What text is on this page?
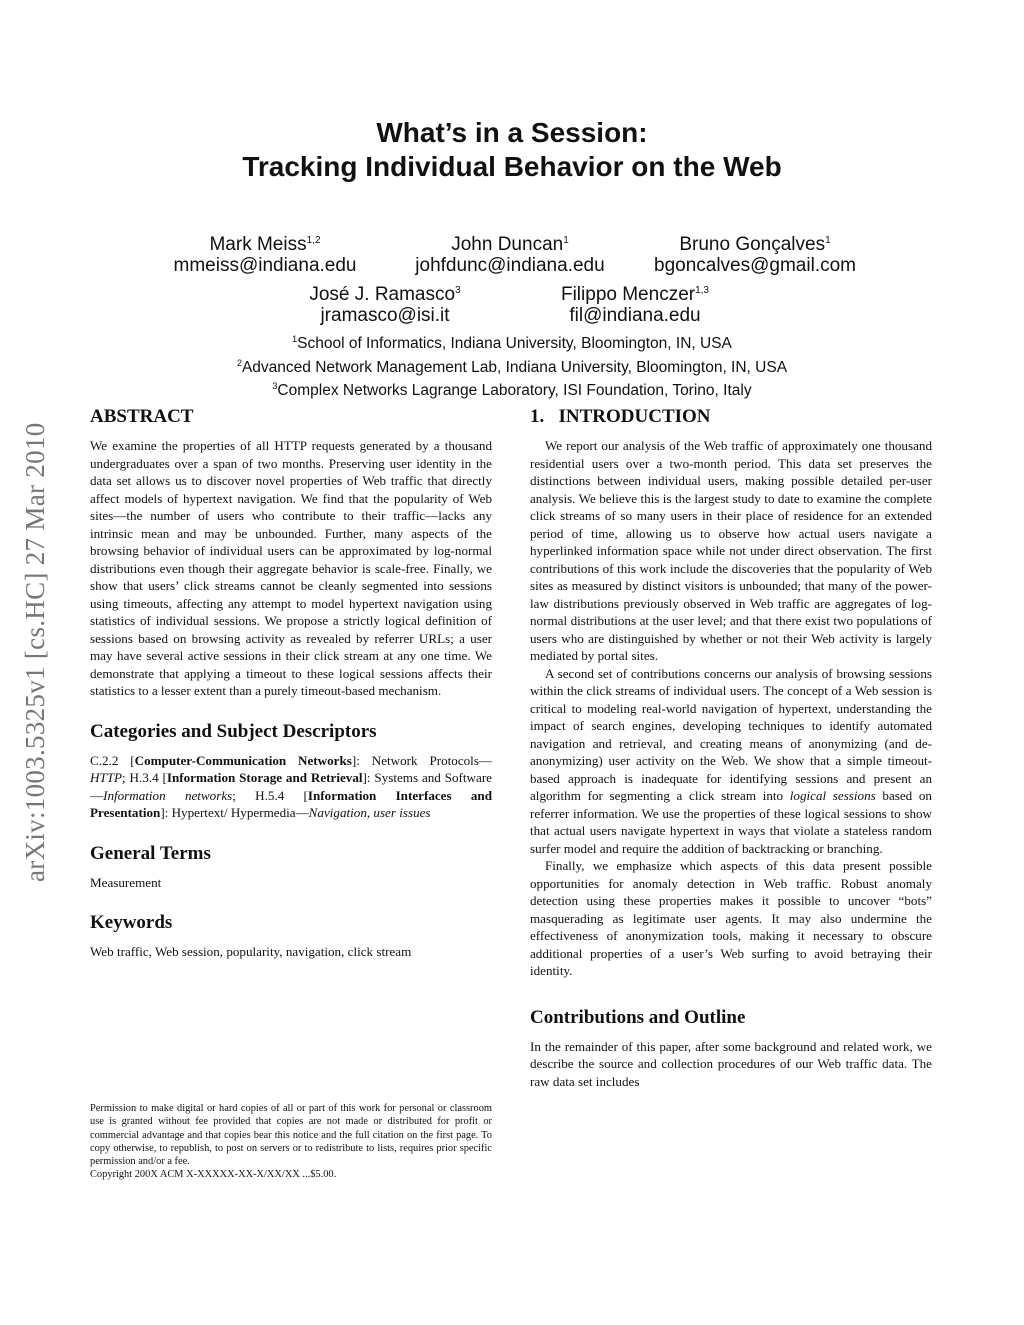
arXiv:1003.5325v1 [cs.HC] 27 Mar 2010
What’s in a Session:
Tracking Individual Behavior on the Web
Mark Meiss$^{1,2}$
mmeiss@indiana.edu
John Duncan$^1$
johfdunc@indiana.edu
Bruno Gonçalves$^1$
bgoncalves@gmail.com
José J. Ramasco$^3$
jramasco@isi.it
Filippo Menczer$^{1,3}$
fil@indiana.edu
$^1$School of Informatics, Indiana University, Bloomington, IN, USA
$^2$Advanced Network Management Lab, Indiana University, Bloomington, IN, USA
$^3$Complex Networks Lagrange Laboratory, ISI Foundation, Torino, Italy
ABSTRACT

We examine the properties of all HTTP requests generated by a thousand undergraduates over a span of two months. Preserving user identity in the data set allows us to discover novel properties of Web traffic that directly affect models of hypertext navigation. We find that the popularity of Web sites—the number of users who contribute to their traffic—lacks any intrinsic mean and may be unbounded. Further, many aspects of the browsing behavior of individual users can be approximated by log-normal distributions even though their aggregate behavior is scale-free. Finally, we show that users’ click streams cannot be cleanly segmented into sessions using timeouts, affecting any attempt to model hypertext navigation using statistics of individual sessions. We propose a strictly logical definition of sessions based on browsing activity as revealed by referrer URLs; a user may have several active sessions in their click stream at any one time. We demonstrate that applying a timeout to these logical sessions affects their statistics to a lesser extent than a purely timeout-based mechanism.

Categories and Subject Descriptors

C.2.2 [Computer-Communication Networks]: Network Protocols—HTTP; H.3.4 [Information Storage and Retrieval]: Systems and Software—Information networks; H.5.4 [Information Interfaces and Presentation]: Hypertext/ Hypermedia—Navigation, user issues

General Terms

Measurement

Keywords

Web traffic, Web session, popularity, navigation, click stream

Permission to make digital or hard copies of all or part of this work for personal or classroom use is granted without fee provided that copies are not made or distributed for profit or commercial advantage and that copies bear this notice and the full citation on the first page. To copy otherwise, to republish, to post on servers or to redistribute to lists, requires prior specific permission and/or a fee.

Copyright 200X ACM X-XXXXX-XX-X/XX/XX ...$5.00.

1.   INTRODUCTION

We report our analysis of the Web traffic of approximately one thousand residential users over a two-month period. This data set preserves the distinctions between individual users, making possible detailed per-user analysis. We believe this is the largest study to date to examine the complete click streams of so many users in their place of residence for an extended period of time, allowing us to observe how actual users navigate a hyperlinked information space while not under direct observation. The first contributions of this work include the discoveries that the popularity of Web sites as measured by distinct visitors is unbounded; that many of the power-law distributions previously observed in Web traffic are aggregates of log-normal distributions at the user level; and that there exist two populations of users who are distinguished by whether or not their Web activity is largely mediated by portal sites.

A second set of contributions concerns our analysis of browsing sessions within the click streams of individual users. The concept of a Web session is critical to modeling real-world navigation of hypertext, understanding the impact of search engines, developing techniques to identify automated navigation and retrieval, and creating means of anonymizing (and de-anonymizing) user activity on the Web. We show that a simple timeout-based approach is inadequate for identifying sessions and present an algorithm for segmenting a click stream into logical sessions based on referrer information. We use the properties of these logical sessions to show that actual users navigate hypertext in ways that violate a stateless random surfer model and require the addition of backtracking or branching.

Finally, we emphasize which aspects of this data present possible opportunities for anomaly detection in Web traffic. Robust anomaly detection using these properties makes it possible to uncover “bots” masquerading as legitimate user agents. It may also undermine the effectiveness of anonymization tools, making it necessary to obscure additional properties of a user’s Web surfing to avoid betraying their identity.

Contributions and Outline

In the remainder of this paper, after some background and related work, we describe the source and collection procedures of our Web traffic data. The raw data set includes
